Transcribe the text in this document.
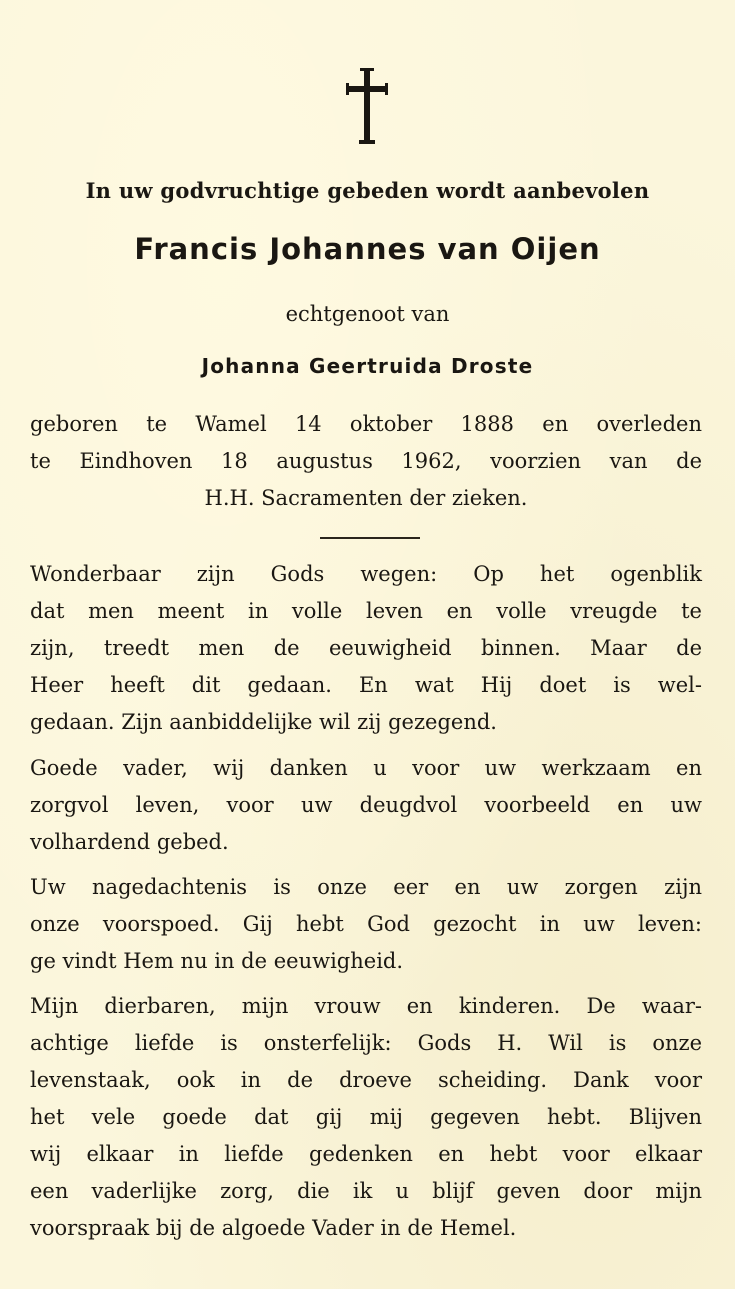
In uw godvruchtige gebeden wordt aanbevolen
Francis Johannes van Oijen
echtgenoot van
Johanna Geertruida Droste
geboren te Wamel 14 oktober 1888 en overleden
te Eindhoven 18 augustus 1962, voorzien van de
H.H. Sacramenten der zieken.
Wonderbaar zijn Gods wegen: Op het ogenblik
dat men meent in volle leven en volle vreugde te
zijn, treedt men de eeuwigheid binnen. Maar de
Heer heeft dit gedaan. En wat Hij doet is wel-
gedaan. Zijn aanbiddelijke wil zij gezegend.
Goede vader, wij danken u voor uw werkzaam en
zorgvol leven, voor uw deugdvol voorbeeld en uw
volhardend gebed.
Uw nagedachtenis is onze eer en uw zorgen zijn
onze voorspoed. Gij hebt God gezocht in uw leven:
ge vindt Hem nu in de eeuwigheid.
Mijn dierbaren, mijn vrouw en kinderen. De waar-
achtige liefde is onsterfelijk: Gods H. Wil is onze
levenstaak, ook in de droeve scheiding. Dank voor
het vele goede dat gij mij gegeven hebt. Blijven
wij elkaar in liefde gedenken en hebt voor elkaar
een vaderlijke zorg, die ik u blijf geven door mijn
voorspraak bij de algoede Vader in de Hemel.
